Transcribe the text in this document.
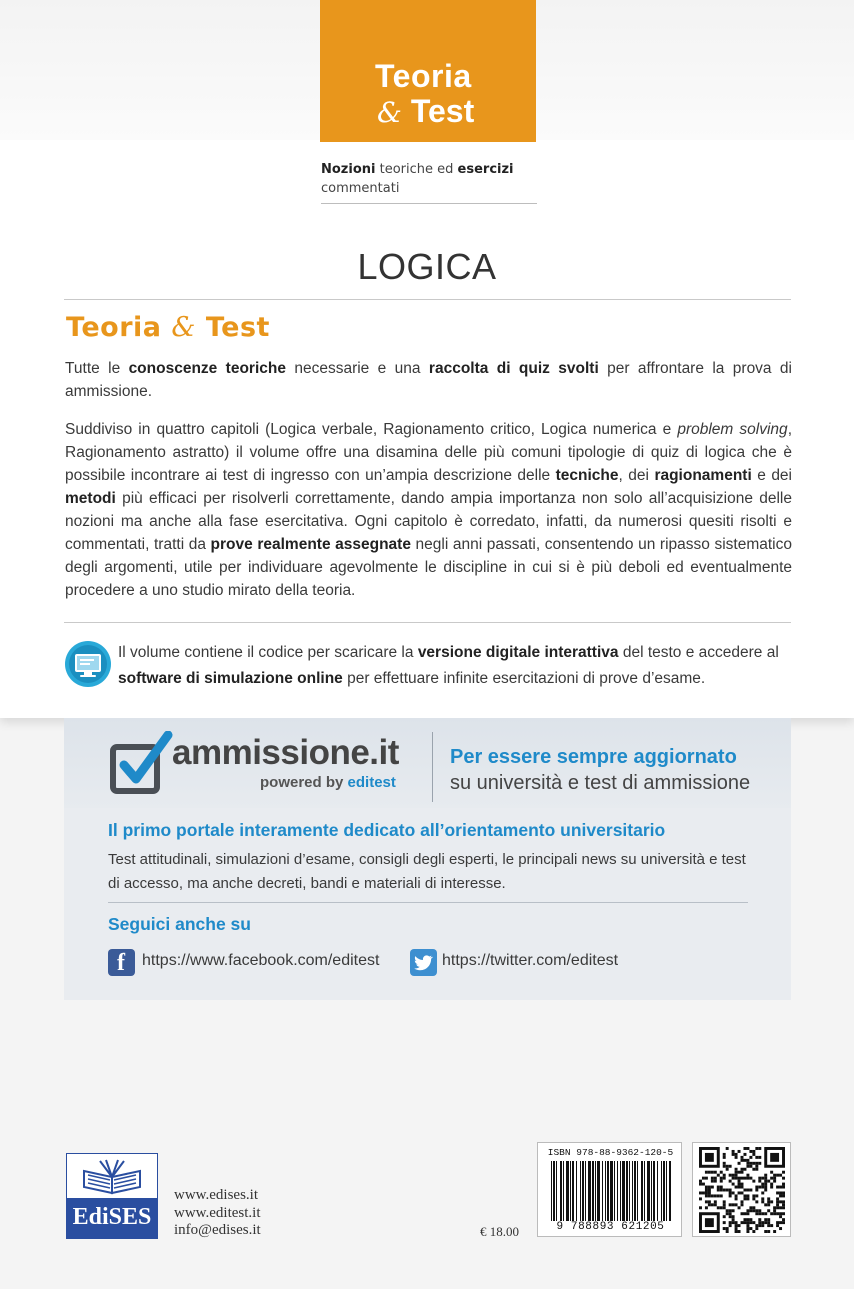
Teoria
& Test
Nozioni teoriche ed esercizi
commentati
LOGICA
Teoria & Test
Tutte le conoscenze teoriche necessarie e una raccolta di quiz svolti per affrontare la prova di ammissione.
Suddiviso in quattro capitoli (Logica verbale, Ragionamento critico, Logica numerica e problem solving, Ragionamento astratto) il volume offre una disamina delle più comuni tipologie di quiz di logica che è possibile incontrare ai test di ingresso con un’ampia descrizione delle tecniche, dei ragionamenti e dei metodi più efficaci per risolverli correttamente, dando ampia importanza non solo all’acquisizione delle nozioni ma anche alla fase esercitativa. Ogni capitolo è corredato, infatti, da numerosi quesiti risolti e commentati, tratti da prove realmente assegnate negli anni passati, consentendo un ripasso sistematico degli argomenti, utile per individuare agevolmente le discipline in cui si è più deboli ed eventualmente procedere a uno studio mirato della teoria.
Il volume contiene il codice per scaricare la versione digitale interattiva del testo e accedere al software di simulazione online per effettuare infinite esercitazioni di prove d’esame.
ammissione.it
powered by editest
Per essere sempre aggiornato
su università e test di ammissione
Il primo portale interamente dedicato all’orientamento universitario
Test attitudinali, simulazioni d’esame, consigli degli esperti, le principali news su università e test di accesso, ma anche decreti, bandi e materiali di interesse.
Seguici anche su
f https://www.facebook.com/editest	https://twitter.com/editest
EdiSES
www.edises.it
www.editest.it
info@edises.it	€ 18.00
ISBN 978-88-9362-120-5
9 788893 621205
